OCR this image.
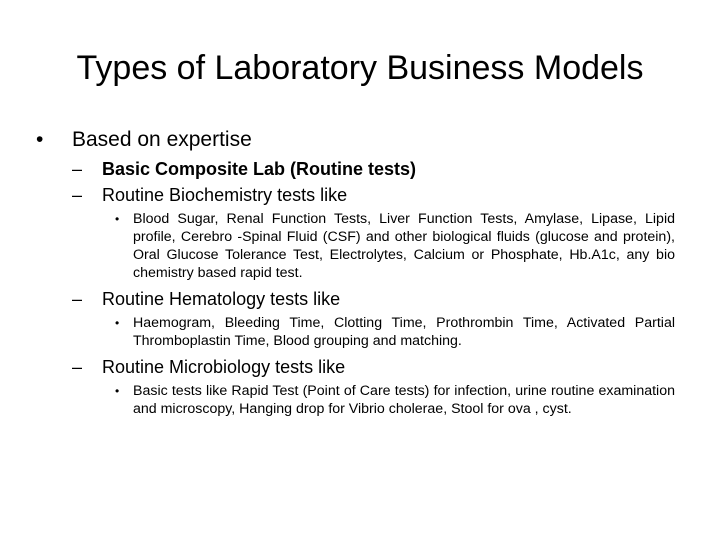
Types of Laboratory Business Models
• Based on expertise
– Basic Composite Lab (Routine tests)
– Routine Biochemistry tests like
• Blood Sugar, Renal Function Tests, Liver Function Tests, Amylase, Lipase, Lipid profile, Cerebro -Spinal Fluid (CSF) and other biological fluids (glucose and protein), Oral Glucose Tolerance Test, Electrolytes, Calcium or Phosphate, Hb.A1c, any bio chemistry based rapid test.
– Routine Hematology tests like
• Haemogram, Bleeding Time, Clotting Time, Prothrombin Time, Activated Partial Thromboplastin Time, Blood grouping and matching.
– Routine Microbiology tests like
• Basic tests like Rapid Test (Point of Care tests) for infection, urine routine examination and microscopy, Hanging drop for Vibrio cholerae, Stool for ova , cyst.
